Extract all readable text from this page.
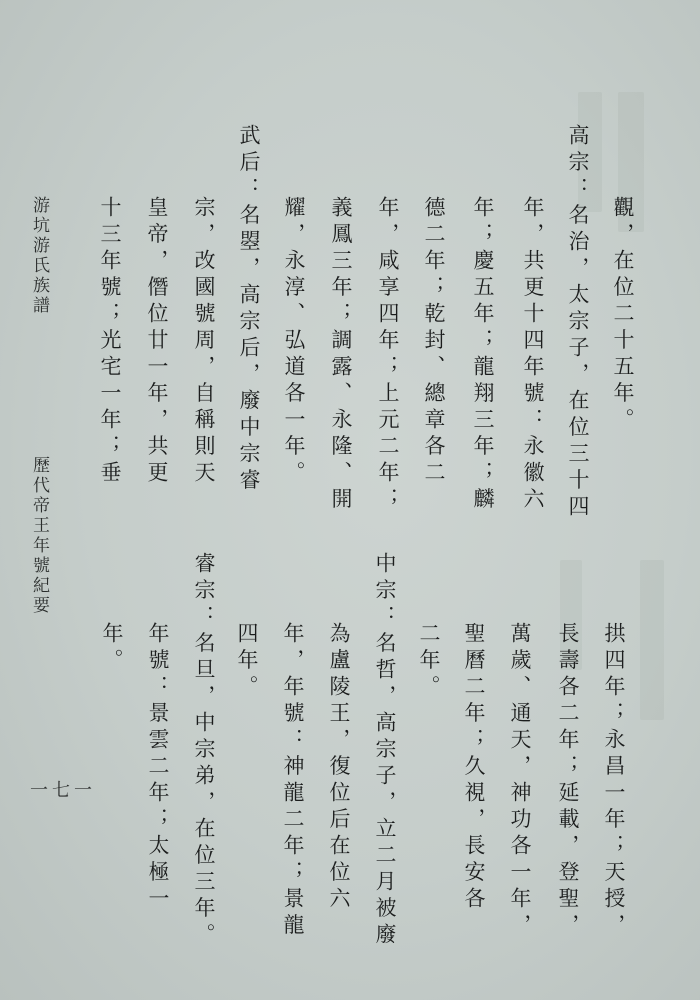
游坑游氏族譜
歷代帝王年號紀要
一七一
觀，在位二十五年。
高宗：名治，太宗子，在位三十四
年，共更十四年號：永徽六
年；慶五年；龍翔三年；麟
德二年；乾封、總章各二
年，咸享四年；上元二年；
義鳳三年；調露、永隆、開
耀，永淳、弘道各一年。
武后：名曌，高宗后，廢中宗睿
宗，改國號周，自稱則天
皇帝，僭位廿一年，共更
十三年號；光宅一年；垂
拱四年；永昌一年；天授，
長壽各二年；延載，登聖，
萬歲、通天，神功各一年，
聖曆二年；久視，長安各
二年。
中宗：名哲，高宗子，立二月被廢
為盧陵王，復位后在位六
年，年號：神龍二年；景龍
四年。
睿宗：名旦，中宗弟，在位三年。
年號：景雲二年；太極一
年。
